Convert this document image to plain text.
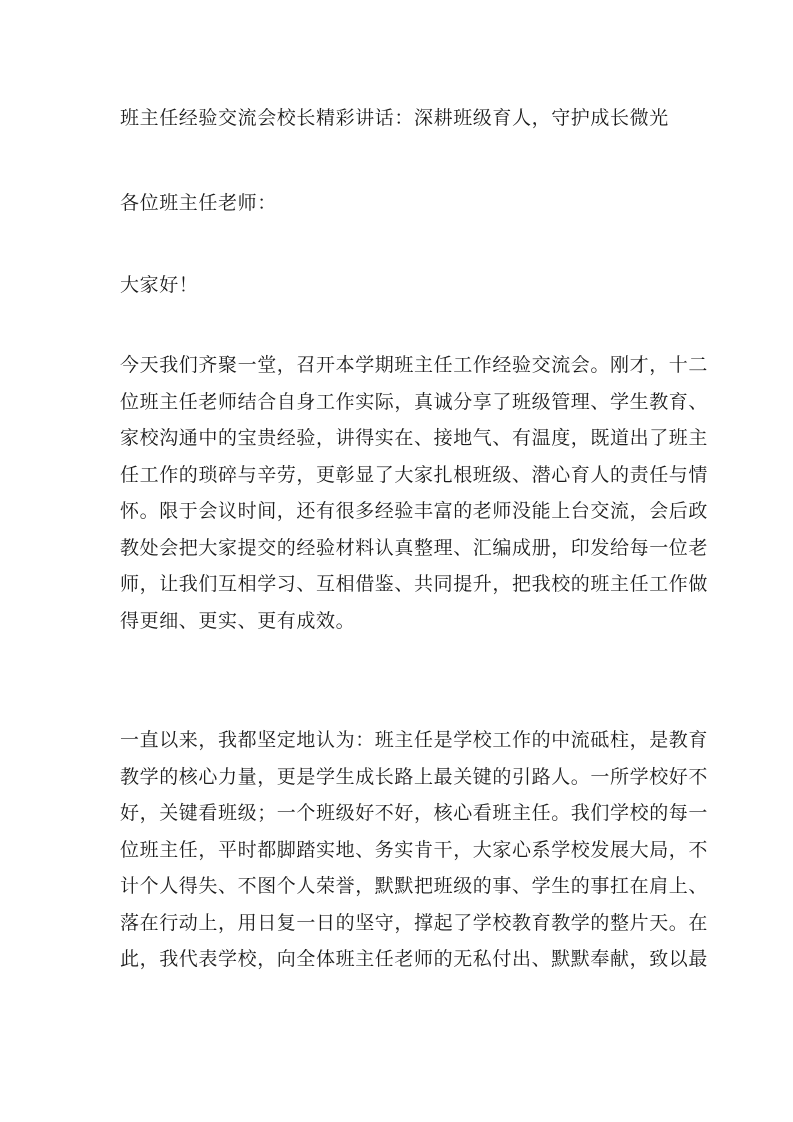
班主任经验交流会校长精彩讲话：深耕班级育人，守护成长微光
各位班主任老师：
大家好！
今天我们齐聚一堂，召开本学期班主任工作经验交流会。刚才，十二
位班主任老师结合自身工作实际，真诚分享了班级管理、学生教育、
家校沟通中的宝贵经验，讲得实在、接地气、有温度，既道出了班主
任工作的琐碎与辛劳，更彰显了大家扎根班级、潜心育人的责任与情
怀。限于会议时间，还有很多经验丰富的老师没能上台交流，会后政
教处会把大家提交的经验材料认真整理、汇编成册，印发给每一位老
师，让我们互相学习、互相借鉴、共同提升，把我校的班主任工作做
得更细、更实、更有成效。
一直以来，我都坚定地认为：班主任是学校工作的中流砥柱，是教育
教学的核心力量，更是学生成长路上最关键的引路人。一所学校好不
好，关键看班级；一个班级好不好，核心看班主任。我们学校的每一
位班主任，平时都脚踏实地、务实肯干，大家心系学校发展大局，不
计个人得失、不图个人荣誉，默默把班级的事、学生的事扛在肩上、
落在行动上，用日复一日的坚守，撑起了学校教育教学的整片天。在
此，我代表学校，向全体班主任老师的无私付出、默默奉献，致以最
